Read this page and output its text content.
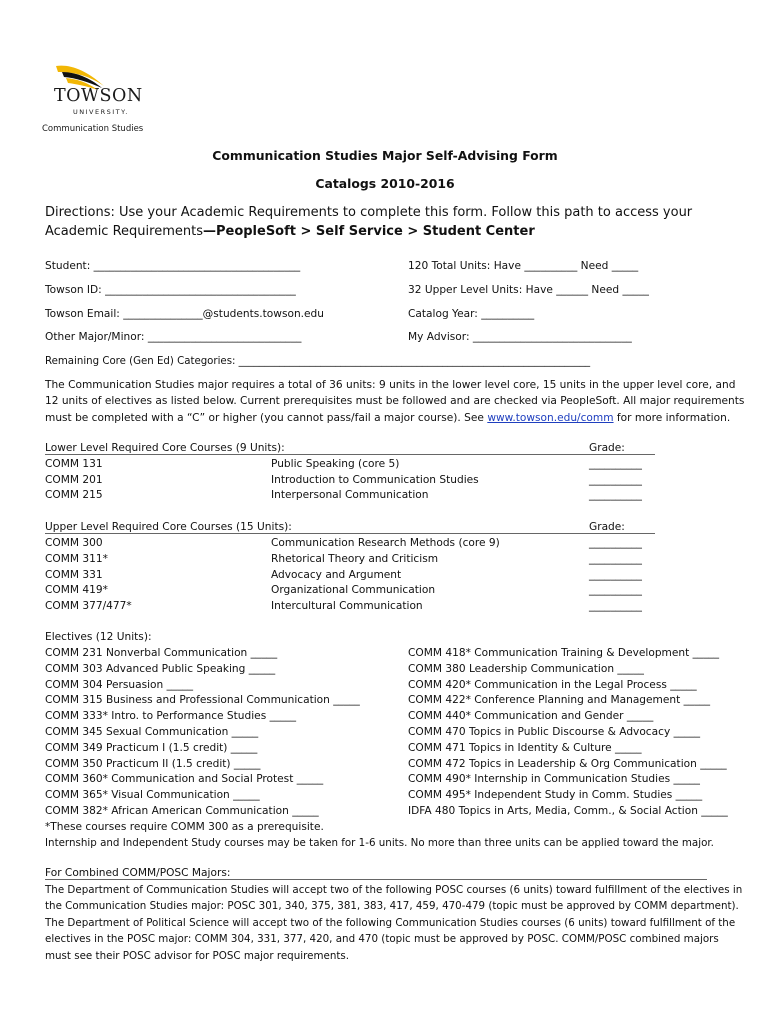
TOWSON
UNIVERSITY.
Communication Studies
Communication Studies Major Self-Advising Form
Catalogs 2010-2016
Directions: Use your Academic Requirements to complete this form. Follow this path to access your Academic Requirements—PeopleSoft > Self Service > Student Center
Student: _______________________________________
Towson ID: ____________________________________
Towson Email: _______________@students.towson.edu
Other Major/Minor: _____________________________
120 Total Units: Have __________ Need _____
32 Upper Level Units: Have ______ Need _____
Catalog Year: __________
My Advisor: ______________________________
Remaining Core (Gen Ed) Categories: _____________________________________________________________________
The Communication Studies major requires a total of 36 units: 9 units in the lower level core, 15 units in the upper level core, and 12 units of electives as listed below. Current prerequisites must be followed and are checked via PeopleSoft. All major requirements must be completed with a “C” or higher (you cannot pass/fail a major course). See www.towson.edu/comm for more information.
Lower Level Required Core Courses (9 Units):	Grade:
COMM 131	Public Speaking (core 5)	__________
COMM 201	Introduction to Communication Studies	__________
COMM 215	Interpersonal Communication	__________
Upper Level Required Core Courses (15 Units):	Grade:
COMM 300	Communication Research Methods (core 9)	__________
COMM 311*	Rhetorical Theory and Criticism	__________
COMM 331	Advocacy and Argument	__________
COMM 419*	Organizational Communication	__________
COMM 377/477*	Intercultural Communication	__________
Electives (12 Units):
COMM 231 Nonverbal Communication _____
COMM 303 Advanced Public Speaking _____
COMM 304 Persuasion _____
COMM 315 Business and Professional Communication _____
COMM 333* Intro. to Performance Studies _____
COMM 345 Sexual Communication _____
COMM 349 Practicum I (1.5 credit) _____
COMM 350 Practicum II (1.5 credit) _____
COMM 360* Communication and Social Protest _____
COMM 365* Visual Communication _____
COMM 382* African American Communication _____
COMM 418* Communication Training & Development _____
COMM 380 Leadership Communication _____
COMM 420* Communication in the Legal Process _____
COMM 422* Conference Planning and Management _____
COMM 440* Communication and Gender _____
COMM 470 Topics in Public Discourse & Advocacy _____
COMM 471 Topics in Identity & Culture _____
COMM 472 Topics in Leadership & Org Communication _____
COMM 490* Internship in Communication Studies _____
COMM 495* Independent Study in Comm. Studies _____
IDFA 480 Topics in Arts, Media, Comm., & Social Action _____
*These courses require COMM 300 as a prerequisite.
Internship and Independent Study courses may be taken for 1-6 units. No more than three units can be applied toward the major.
For Combined COMM/POSC Majors:
The Department of Communication Studies will accept two of the following POSC courses (6 units) toward fulfillment of the electives in the Communication Studies major: POSC 301, 340, 375, 381, 383, 417, 459, 470-479 (topic must be approved by COMM department). The Department of Political Science will accept two of the following Communication Studies courses (6 units) toward fulfillment of the electives in the POSC major: COMM 304, 331, 377, 420, and 470 (topic must be approved by POSC. COMM/POSC combined majors must see their POSC advisor for POSC major requirements.
